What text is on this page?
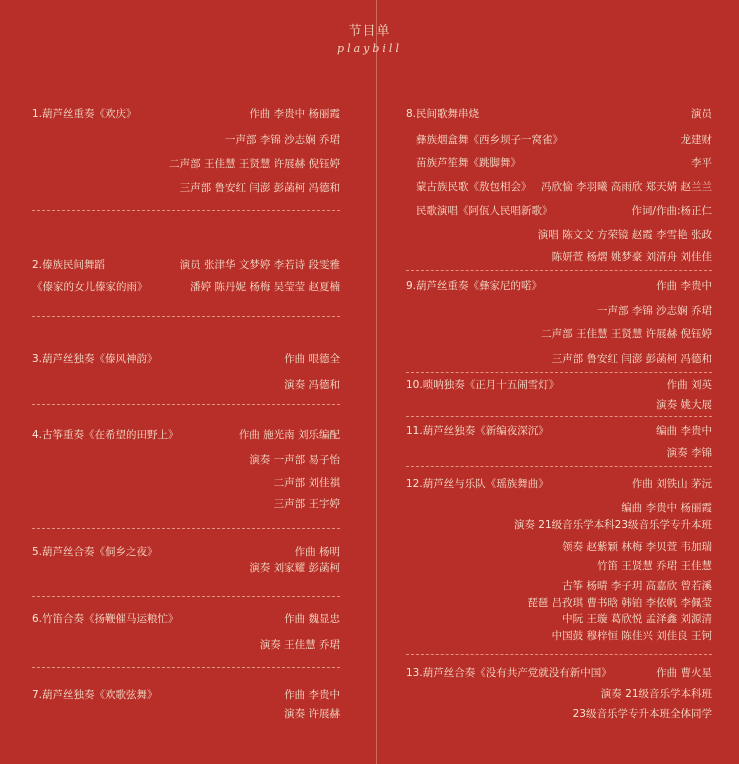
节目单
playbill
1.葫芦丝重奏《欢庆》	作曲 李贵中 杨丽霞
一声部 李锦 沙志娴 乔珺
二声部 王佳慧 王贤慧 许展赫 倪钰婷
三声部 鲁安红 闫澎 彭菡柯 冯德和
2.傣族民间舞蹈	演员 张津华 文梦婷 李若诗 段雯雅
《傣家的女儿傣家的雨》	潘婷 陈丹妮 杨梅 吴莹莹 赵夏楠
3.葫芦丝独奏《傣风神韵》	作曲 哏德全
演奏 冯德和
4.古筝重奏《在希望的田野上》	作曲 施光南 刘乐编配
演奏 一声部 易子怡
二声部 刘佳祺
三声部 王宇婷
5.葫芦丝合奏《侗乡之夜》	作曲 杨明
演奏 刘家耀 彭菡柯
6.竹笛合奏《扬鞭催马运粮忙》	作曲 魏显忠
演奏 王佳慧 乔珺
7.葫芦丝独奏《欢歌弦舞》	作曲 李贵中
演奏 许展赫
8.民间歌舞串烧	演员
彝族烟盒舞《西乡坝子一窝雀》	龙建财
苗族芦笙舞《跳脚舞》	李平
蒙古族民歌《敖包相会》 冯欣愉 李羽曦 高雨欣 郑天婧 赵兰兰
民歌演唱《阿佤人民唱新歌》	作词/作曲:杨正仁
演唱 陈文文 方荣镜 赵霞 李雪艳 张政
陈妍萱 杨熠 姚梦豪 刘清舟 刘佳佳
9.葫芦丝重奏《彝家尼的喏》	作曲 李贵中
一声部 李锦 沙志娴 乔珺
二声部 王佳慧 王贤慧 许展赫 倪钰婷
三声部 鲁安红 闫澎 彭菡柯 冯德和
10.唢呐独奏《正月十五闹雪灯》	作曲 刘英
演奏 姚大展
11.葫芦丝独奏《新编夜深沉》	编曲 李贵中
演奏 李锦
12.葫芦丝与乐队《瑶族舞曲》	作曲 刘铁山 茅沅
编曲 李贵中 杨丽霞
演奏 21级音乐学本科23级音乐学专升本班
领奏 赵紫颖 林梅 李贝萱 韦加瑞
竹笛 王贤慧 乔珺 王佳慧
古筝 杨晴 李子玥 高嘉欣 曾若溪
琵琶 吕孜琪 曹书晗 韩铂 李依帆 李佩莹
中阮 王璇 葛欣悦 孟泽鑫 刘源清
中国鼓 穆梓恒 陈佳兴 刘佳良 王钶
13.葫芦丝合奏《没有共产党就没有新中国》	作曲 曹火星
演奏 21级音乐学本科班
23级音乐学专升本班全体同学
